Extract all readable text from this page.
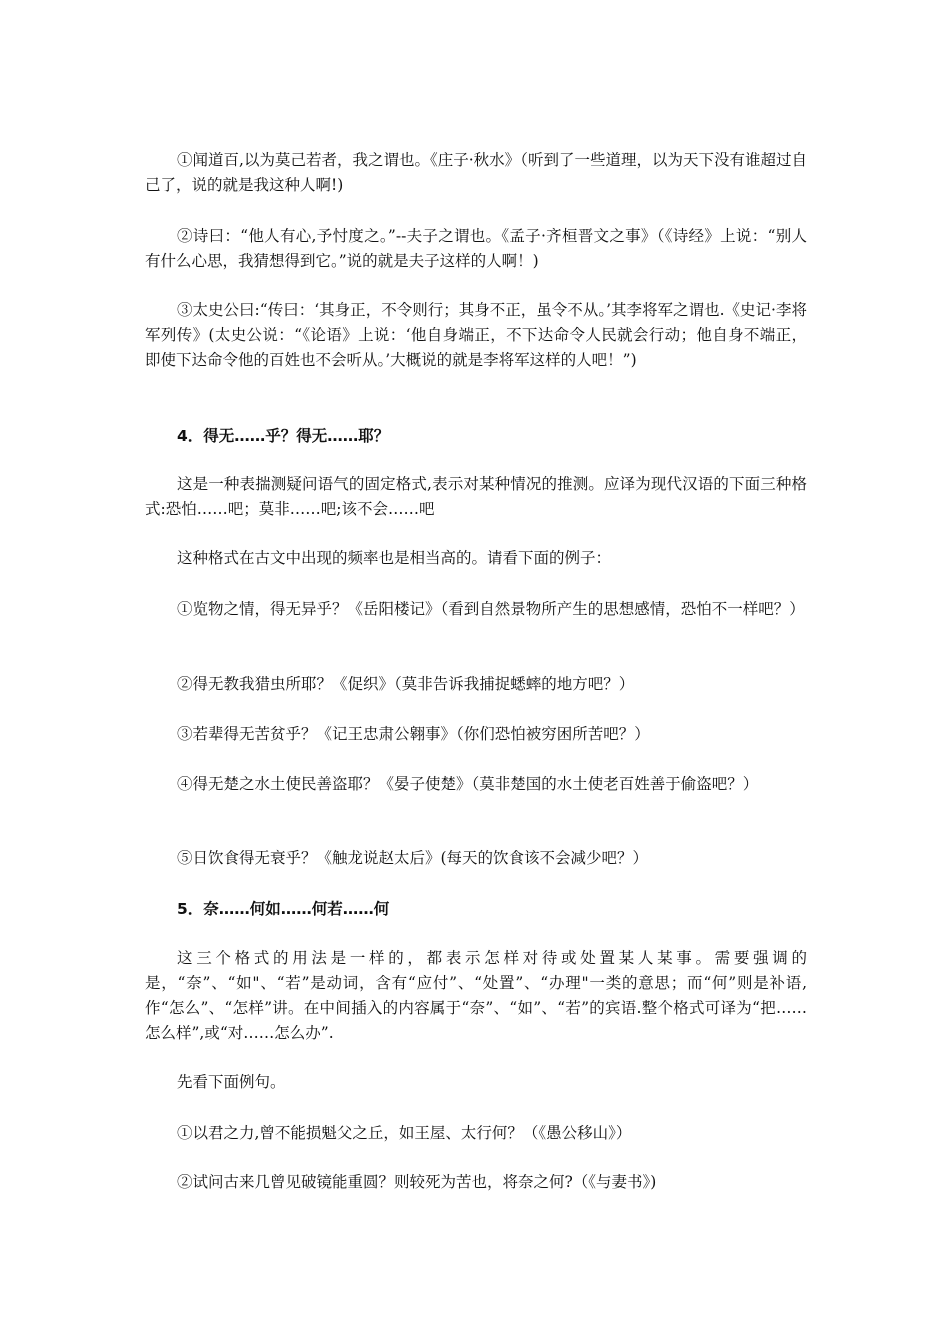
①闻道百,以为莫己若者，我之谓也。《庄子·秋水》（听到了一些道理，以为天下没有谁超过自己了，说的就是我这种人啊!)

②诗曰：“他人有心,予忖度之。”--夫子之谓也。《孟子·齐桓晋文之事》（《诗经》上说：“别人有什么心思，我猜想得到它。”说的就是夫子这样的人啊！)

③太史公曰:“传曰：‘其身正，不令则行；其身不正，虽令不从。’其李将军之谓也.《史记·李将军列传》(太史公说：“《论语》上说：‘他自身端正，不下达命令人民就会行动；他自身不端正，即使下达命令他的百姓也不会听从。’大概说的就是李将军这样的人吧！”)

4．得无……乎？得无……耶？

这是一种表揣测疑问语气的固定格式,表示对某种情况的推测。应译为现代汉语的下面三种格式:恐怕……吧；莫非……吧;该不会……吧

这种格式在古文中出现的频率也是相当高的。请看下面的例子：

①览物之情，得无异乎？《岳阳楼记》（看到自然景物所产生的思想感情，恐怕不一样吧？）

②得无教我猎虫所耶？《促织》（莫非告诉我捕捉蟋蟀的地方吧？）

③若辈得无苦贫乎？《记王忠肃公翱事》（你们恐怕被穷困所苦吧？）

④得无楚之水土使民善盗耶？《晏子使楚》（莫非楚国的水土使老百姓善于偷盗吧？）

⑤日饮食得无衰乎？《触龙说赵太后》(每天的饮食该不会减少吧？）

5．奈……何如……何若……何

这三个格式的用法是一样的，都表示怎样对待或处置某人某事。需要强调的是，“奈”、“如"、“若”是动词，含有“应付”、“处置”、“办理"一类的意思；而“何”则是补语,作“怎么”、“怎样”讲。在中间插入的内容属于“奈”、“如”、“若”的宾语.整个格式可译为“把……怎么样”,或“对……怎么办”.

先看下面例句。

①以君之力,曾不能损魁父之丘，如王屋、太行何？（《愚公移山》）

②试问古来几曾见破镜能重圆？则较死为苦也，将奈之何?（《与妻书》)
